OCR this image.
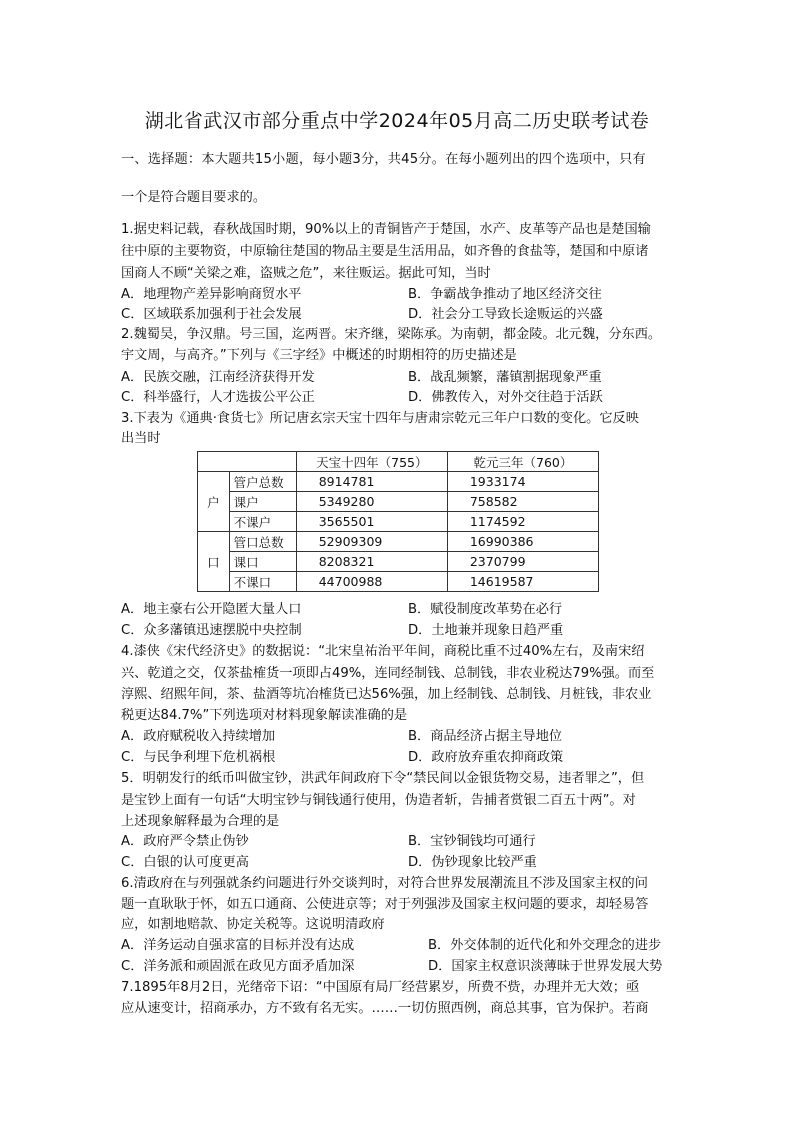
湖北省武汉市部分重点中学2024年05月高二历史联考试卷
一、选择题：本大题共15小题，每小题3分，共45分。在每小题列出的四个选项中，只有
一个是符合题目要求的。
1.据史料记载，春秋战国时期，90%以上的青铜皆产于楚国，水产、皮革等产品也是楚国输
往中原的主要物资，中原输往楚国的物品主要是生活用品，如齐鲁的食盐等，楚国和中原诸
国商人不顾“关梁之难，盗贼之危”，来往贩运。据此可知，当时
A．地理物产差异影响商贸水平	B．争霸战争推动了地区经济交往
C．区域联系加强利于社会发展	D．社会分工导致长途贩运的兴盛
2.魏蜀吴，争汉鼎。号三国，迄两晋。宋齐继，梁陈承。为南朝，都金陵。北元魏，分东西。
宇文周，与高齐。”下列与《三字经》中概述的时期相符的历史描述是
A．民族交融，江南经济获得开发	B．战乱频繁，藩镇割据现象严重
C．科举盛行，人才选拔公平公正	D．佛教传入，对外交往趋于活跃
3.下表为《通典·食货七》所记唐玄宗天宝十四年与唐肃宗乾元三年户口数的变化。它反映
出当时
		天宝十四年（755）	乾元三年（760）
户	管户总数	8914781	1933174
	课户	5349280	758582
	不课户	3565501	1174592
口	管口总数	52909309	16990386
	课口	8208321	2370799
	不课口	44700988	14619587
A．地主豪右公开隐匿大量人口	B．赋役制度改革势在必行
C．众多藩镇迅速摆脱中央控制	D．土地兼并现象日趋严重
4.漆侠《宋代经济史》的数据说：“北宋皇祐治平年间，商税比重不过40%左右，及南宋绍
兴、乾道之交，仅茶盐榷货一项即占49%，连同经制钱、总制钱，非农业税达79%强。而至
淳熙、绍熙年间，茶、盐酒等坑冶榷货已达56%强，加上经制钱、总制钱、月桩钱，非农业
税更达84.7%”下列选项对材料现象解读准确的是
A．政府赋税收入持续增加	B．商品经济占据主导地位
C．与民争利埋下危机祸根	D．政府放弃重农抑商政策
5．明朝发行的纸币叫做宝钞，洪武年间政府下令“禁民间以金银货物交易，违者罪之”，但
是宝钞上面有一句话“大明宝钞与铜钱通行使用，伪造者斩，告捕者赏银二百五十两”。对
上述现象解释最为合理的是
A．政府严令禁止伪钞	B．宝钞铜钱均可通行
C．白银的认可度更高	D．伪钞现象比较严重
6.清政府在与列强就条约问题进行外交谈判时，对符合世界发展潮流且不涉及国家主权的问
题一直耿耿于怀，如五口通商、公使进京等；对于列强涉及国家主权问题的要求，却轻易答
应，如割地赔款、协定关税等。这说明清政府
A．洋务运动自强求富的目标并没有达成	B．外交体制的近代化和外交理念的进步
C．洋务派和顽固派在政见方面矛盾加深	D．国家主权意识淡薄昧于世界发展大势
7.1895年8月2日，光绪帝下诏：“中国原有局厂经营累岁，所费不赀，办理并无大效；亟
应从速变计，招商承办，方不致有名无实。……一切仿照西例，商总其事，官为保护。若商
